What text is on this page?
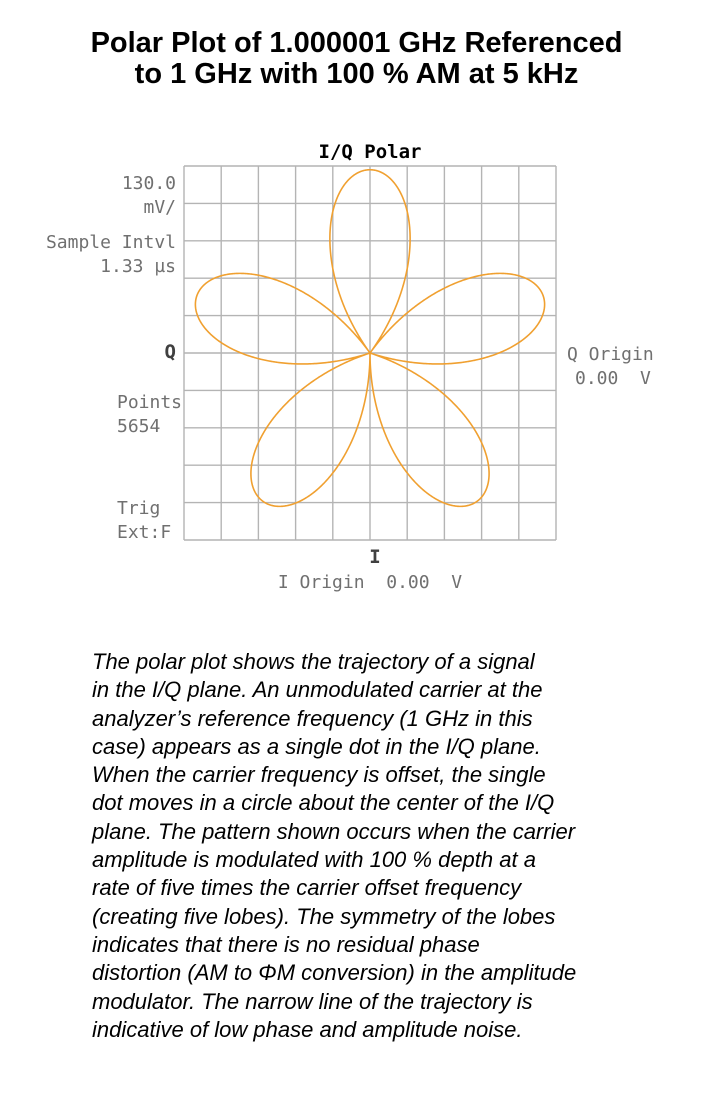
Polar Plot of 1.000001 GHz Referenced
to 1 GHz with 100 % AM at 5 kHz
I/Q Polar
130.0
mV/
Sample Intvl
1.33 µs
Q
Points
5654
Trig
Ext:F
Q Origin
0.00  V
I
I Origin  0.00  V
The polar plot shows the trajectory of a signal
in the I/Q plane. An unmodulated carrier at the
analyzer’s reference frequency (1 GHz in this
case) appears as a single dot in the I/Q plane.
When the carrier frequency is offset, the single
dot moves in a circle about the center of the I/Q
plane. The pattern shown occurs when the carrier
amplitude is modulated with 100 % depth at a
rate of five times the carrier offset frequency
(creating five lobes). The symmetry of the lobes
indicates that there is no residual phase
distortion (AM to ΦM conversion) in the amplitude
modulator. The narrow line of the trajectory is
indicative of low phase and amplitude noise.
